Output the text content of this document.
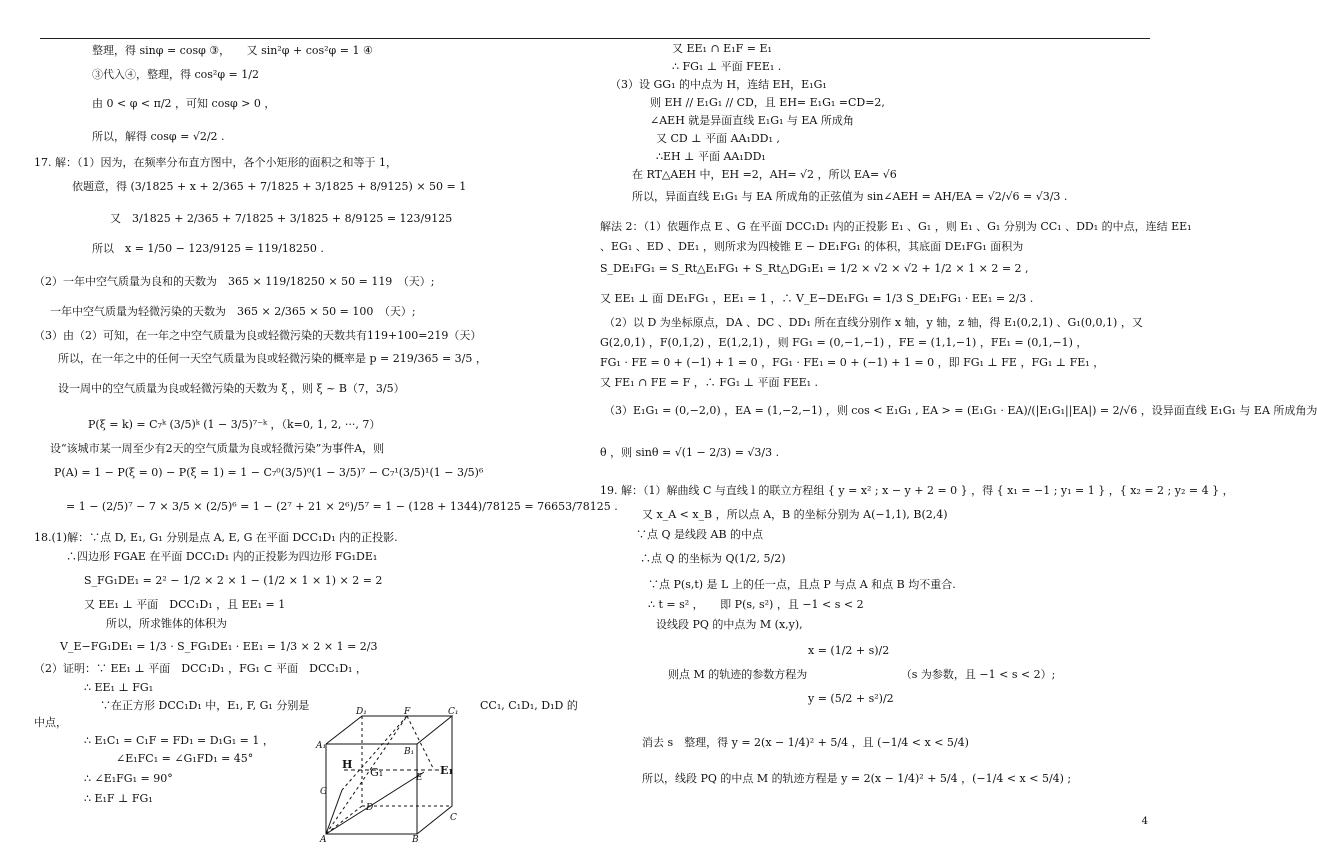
整理，得 sinφ = cosφ ③，　　又 sin²φ + cos²φ = 1 ④
③代入④，整理，得 cos²φ = 1/2
由 0 < φ < π/2 ，可知 cosφ > 0 ，
所以，解得 cosφ = √2/2 .
17. 解：（1）因为，在频率分布直方图中，各个小矩形的面积之和等于 1，
依题意，得 (3/1825 + x + 2/365 + 7/1825 + 3/1825 + 8/9125) × 50 = 1
又　3/1825 + 2/365 + 7/1825 + 3/1825 + 8/9125 = 123/9125
所以　x = 1/50 − 123/9125 = 119/18250 .
（2）一年中空气质量为良和的天数为　365 × 119/18250 × 50 = 119　（天）;
一年中空气质量为轻微污染的天数为　365 × 2/365 × 50 = 100　（天）;
（3）由（2）可知，在一年之中空气质量为良或轻微污染的天数共有119+100=219（天）
所以，在一年之中的任何一天空气质量为良或轻微污染的概率是 p = 219/365 = 3/5 ，
设一周中的空气质量为良或轻微污染的天数为 ξ ，则 ξ ~ B（7，3/5）
P(ξ = k) = C₇ᵏ (3/5)ᵏ (1 − 3/5)⁷⁻ᵏ ，（k=0, 1, 2, ···, 7）
设“该城市某一周至少有2天的空气质量为良或轻微污染”为事件A，则
P(A) = 1 − P(ξ = 0) − P(ξ = 1) = 1 − C₇⁰(3/5)⁰(1 − 3/5)⁷ − C₇¹(3/5)¹(1 − 3/5)⁶
= 1 − (2/5)⁷ − 7 × 3/5 × (2/5)⁶ = 1 − (2⁷ + 21 × 2⁶)/5⁷ = 1 − (128 + 1344)/78125 = 76653/78125 .
18.(1)解：∵点 D, E₁, G₁ 分别是点 A, E, G 在平面 DCC₁D₁ 内的正投影.
∴四边形 FGAE 在平面 DCC₁D₁ 内的正投影为四边形 FG₁DE₁
S_FG₁DE₁ = 2² − 1/2 × 2 × 1 − (1/2 × 1 × 1) × 2 = 2
又 EE₁ ⊥ 平面　DCC₁D₁ ，且 EE₁ = 1
所以，所求锥体的体积为
V_E−FG₁DE₁ = 1/3 · S_FG₁DE₁ · EE₁ = 1/3 × 2 × 1 = 2/3
（2）证明：∵ EE₁ ⊥ 平面　DCC₁D₁ ，FG₁ ⊂ 平面　DCC₁D₁ ，
∴ EE₁ ⊥ FG₁
∵在正方形 DCC₁D₁ 中，E₁, F, G₁ 分别是	CC₁, C₁D₁, D₁D 的
中点，
∴ E₁C₁ = C₁F = FD₁ = D₁G₁ = 1 ，
∠E₁FC₁ = ∠G₁FD₁ = 45°
∴ ∠E₁FG₁ = 90°
∴ E₁F ⊥ FG₁
D₁	F	C₁
A₁
B₁
H
G₁	E
E₁
G
D
C
A	B
又 EE₁ ∩ E₁F = E₁
∴ FG₁ ⊥ 平面 FEE₁ .
（3）设 GG₁ 的中点为 H，连结 EH，E₁G₁
则 EH // E₁G₁ // CD，且 EH= E₁G₁ =CD=2,
∠AEH 就是异面直线 E₁G₁ 与 EA 所成角
又 CD ⊥ 平面 AA₁DD₁ ,
∴EH ⊥ 平面 AA₁DD₁
在 RT△AEH 中，EH =2，AH= √2 ，所以 EA= √6
所以，异面直线 E₁G₁ 与 EA 所成角的正弦值为 sin∠AEH = AH/EA = √2/√6 = √3/3 .
解法 2：（1）依题作点 E 、G 在平面 DCC₁D₁ 内的正投影 E₁ 、G₁ ，则 E₁ 、G₁ 分别为 CC₁ 、DD₁ 的中点，连结 EE₁
、EG₁ 、ED 、DE₁ ，则所求为四棱锥 E − DE₁FG₁ 的体积，其底面 DE₁FG₁ 面积为
S_DE₁FG₁ = S_Rt△E₁FG₁ + S_Rt△DG₁E₁ = 1/2 × √2 × √2 + 1/2 × 1 × 2 = 2 ,
又 EE₁ ⊥ 面 DE₁FG₁ ，EE₁ = 1 ，∴ V_E−DE₁FG₁ = 1/3 S_DE₁FG₁ · EE₁ = 2/3 .
（2）以 D 为坐标原点，DA 、DC 、DD₁ 所在直线分别作 x 轴，y 轴，z 轴，得 E₁(0,2,1) 、G₁(0,0,1) ，又
G(2,0,1) ，F(0,1,2) ，E(1,2,1) ，则 FG₁ = (0,−1,−1) ，FE = (1,1,−1) ，FE₁ = (0,1,−1) ，
FG₁ · FE = 0 + (−1) + 1 = 0 ，FG₁ · FE₁ = 0 + (−1) + 1 = 0 ，即 FG₁ ⊥ FE ，FG₁ ⊥ FE₁ ，
又 FE₁ ∩ FE = F ，∴ FG₁ ⊥ 平面 FEE₁ .
（3）E₁G₁ = (0,−2,0) ，EA = (1,−2,−1) ，则 cos < E₁G₁ , EA > = (E₁G₁ · EA)/(|E₁G₁||EA|) = 2/√6 ，设异面直线 E₁G₁ 与 EA 所成角为
θ ，则 sinθ = √(1 − 2/3) = √3/3 .
19. 解：（1）解曲线 C 与直线 l 的联立方程组 { y = x² ; x − y + 2 = 0 } ，得 { x₁ = −1 ; y₁ = 1 } ，{ x₂ = 2 ; y₂ = 4 } ，
又 x_A < x_B ，所以点 A，B 的坐标分别为 A(−1,1), B(2,4)
∵点 Q 是线段 AB 的中点
∴点 Q 的坐标为 Q(1/2, 5/2)
∵点 P(s,t) 是 L 上的任一点，且点 P 与点 A 和点 B 均不重合.
∴ t = s² ，　　即 P(s, s²) ，且 −1 < s < 2
设线段 PQ 的中点为 M (x,y),
x = (1/2 + s)/2
则点 M 的轨迹的参数方程为　　　　　　　　　（s 为参数，且 −1 < s < 2）;
y = (5/2 + s²)/2
消去 s　整理，得 y = 2(x − 1/4)² + 5/4 ，且 (−1/4 < x < 5/4)
所以，线段 PQ 的中点 M 的轨迹方程是 y = 2(x − 1/4)² + 5/4 ，(−1/4 < x < 5/4) ;
4
